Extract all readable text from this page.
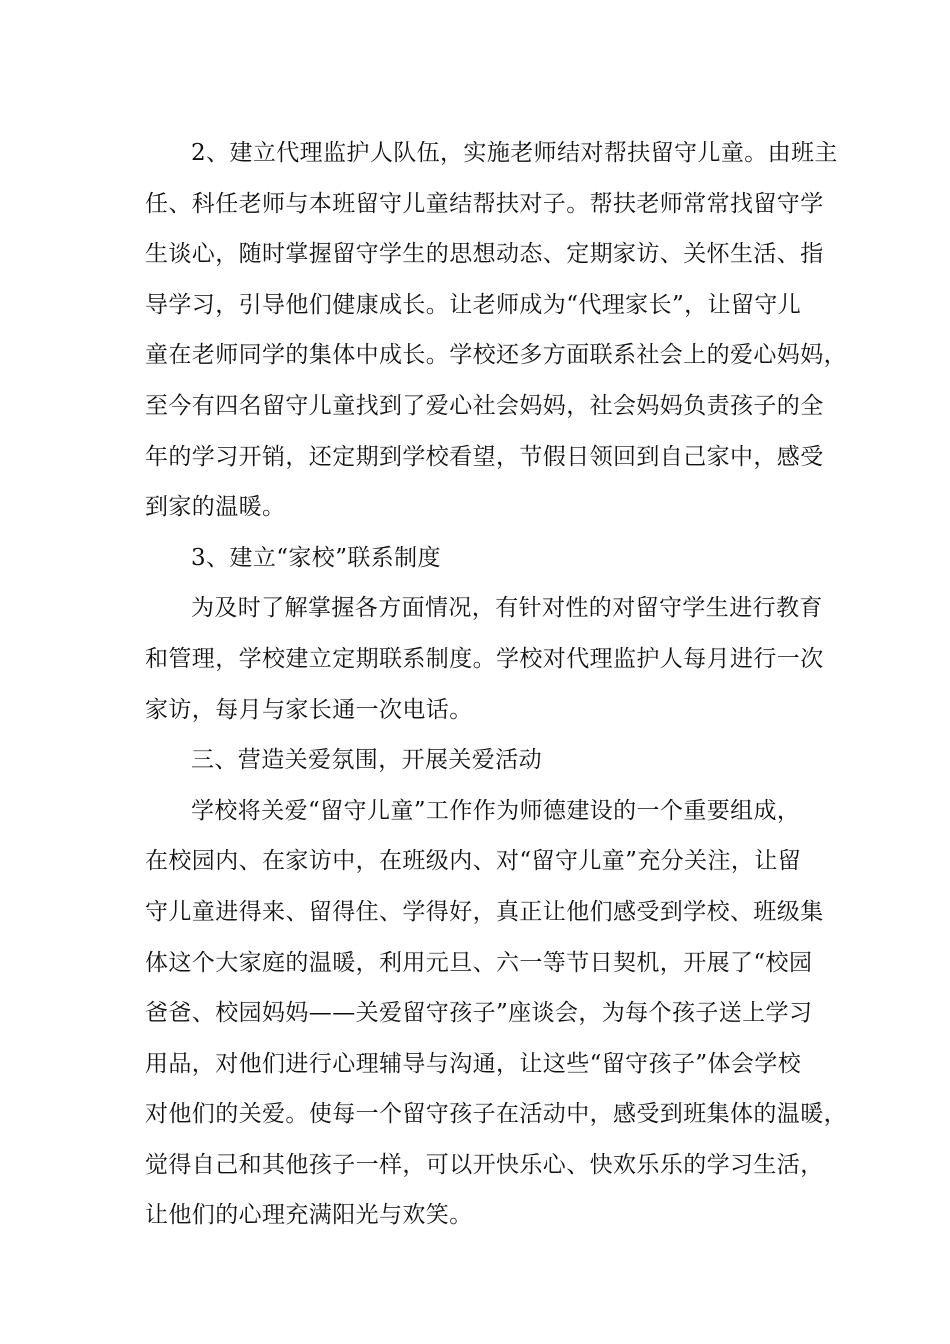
2、建立代理监护人队伍，实施老师结对帮扶留守儿童。由班主
任、科任老师与本班留守儿童结帮扶对子。帮扶老师常常找留守学
生谈心，随时掌握留守学生的思想动态、定期家访、关怀生活、指
导学习，引导他们健康成长。让老师成为“代理家长”，让留守儿
童在老师同学的集体中成长。学校还多方面联系社会上的爱心妈妈，
至今有四名留守儿童找到了爱心社会妈妈，社会妈妈负责孩子的全
年的学习开销，还定期到学校看望，节假日领回到自己家中，感受
到家的温暖。
3、建立“家校”联系制度
为及时了解掌握各方面情况，有针对性的对留守学生进行教育
和管理，学校建立定期联系制度。学校对代理监护人每月进行一次
家访，每月与家长通一次电话。
三、营造关爱氛围，开展关爱活动
学校将关爱“留守儿童”工作作为师德建设的一个重要组成，
在校园内、在家访中，在班级内、对“留守儿童”充分关注，让留
守儿童进得来、留得住、学得好，真正让他们感受到学校、班级集
体这个大家庭的温暖，利用元旦、六一等节日契机，开展了“校园
爸爸、校园妈妈——关爱留守孩子”座谈会，为每个孩子送上学习
用品，对他们进行心理辅导与沟通，让这些“留守孩子”体会学校
对他们的关爱。使每一个留守孩子在活动中，感受到班集体的温暖，
觉得自己和其他孩子一样，可以开快乐心、快欢乐乐的学习生活，
让他们的心理充满阳光与欢笑。
